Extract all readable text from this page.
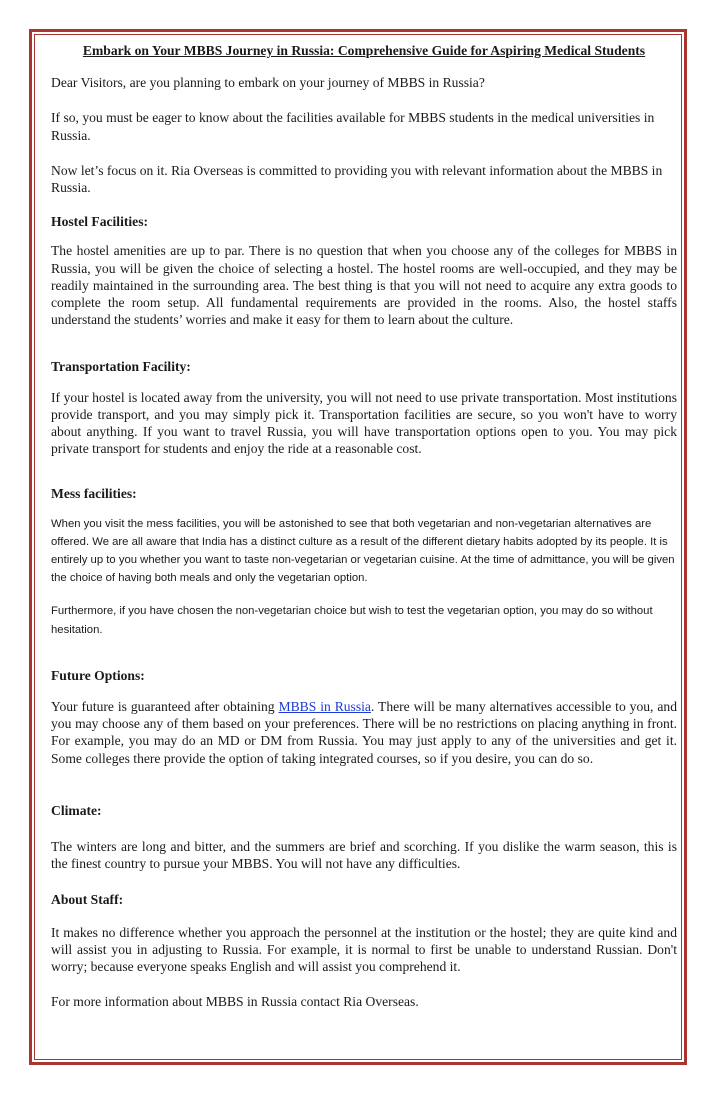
Embark on Your MBBS Journey in Russia: Comprehensive Guide for Aspiring Medical Students

Dear Visitors, are you planning to embark on your journey of MBBS in Russia?

If so, you must be eager to know about the facilities available for MBBS students in the medical universities in Russia.

Now let’s focus on it. Ria Overseas is committed to providing you with relevant information about the MBBS in Russia.

Hostel Facilities:

The hostel amenities are up to par. There is no question that when you choose any of the colleges for MBBS in Russia, you will be given the choice of selecting a hostel. The hostel rooms are well-occupied, and they may be readily maintained in the surrounding area. The best thing is that you will not need to acquire any extra goods to complete the room setup. All fundamental requirements are provided in the rooms. Also, the hostel staffs understand the students’ worries and make it easy for them to learn about the culture.

Transportation Facility:

If your hostel is located away from the university, you will not need to use private transportation. Most institutions provide transport, and you may simply pick it. Transportation facilities are secure, so you won't have to worry about anything. If you want to travel Russia, you will have transportation options open to you. You may pick private transport for students and enjoy the ride at a reasonable cost.

Mess facilities:

When you visit the mess facilities, you will be astonished to see that both vegetarian and non-vegetarian alternatives are offered. We are all aware that India has a distinct culture as a result of the different dietary habits adopted by its people. It is entirely up to you whether you want to taste non-vegetarian or vegetarian cuisine. At the time of admittance, you will be given the choice of having both meals and only the vegetarian option.

Furthermore, if you have chosen the non-vegetarian choice but wish to test the vegetarian option, you may do so without hesitation.

Future Options:

Your future is guaranteed after obtaining MBBS in Russia. There will be many alternatives accessible to you, and you may choose any of them based on your preferences. There will be no restrictions on placing anything in front. For example, you may do an MD or DM from Russia. You may just apply to any of the universities and get it. Some colleges there provide the option of taking integrated courses, so if you desire, you can do so.

Climate:

The winters are long and bitter, and the summers are brief and scorching. If you dislike the warm season, this is the finest country to pursue your MBBS. You will not have any difficulties.

About Staff:

It makes no difference whether you approach the personnel at the institution or the hostel; they are quite kind and will assist you in adjusting to Russia. For example, it is normal to first be unable to understand Russian. Don't worry; because everyone speaks English and will assist you comprehend it.

For more information about MBBS in Russia contact Ria Overseas.
